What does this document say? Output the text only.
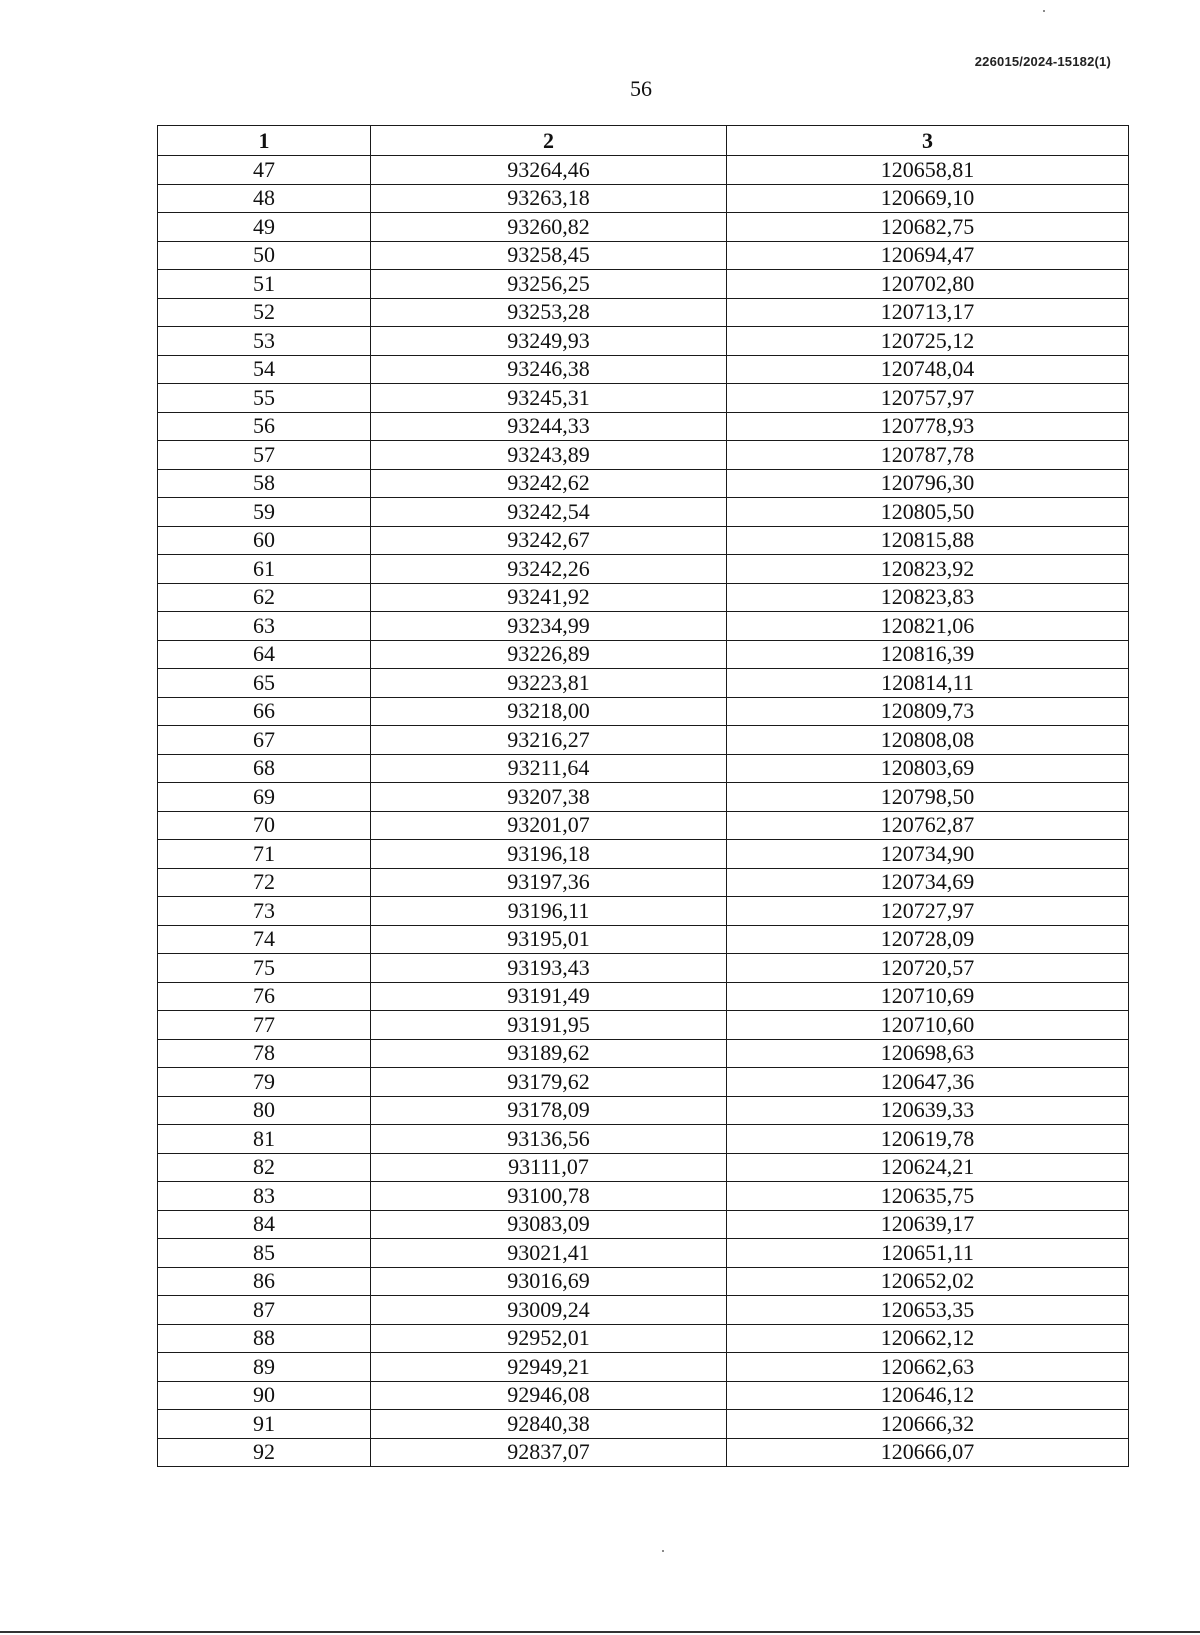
226015/2024-15182(1)
56
1	2	3
47	93264,46	120658,81
48	93263,18	120669,10
49	93260,82	120682,75
50	93258,45	120694,47
51	93256,25	120702,80
52	93253,28	120713,17
53	93249,93	120725,12
54	93246,38	120748,04
55	93245,31	120757,97
56	93244,33	120778,93
57	93243,89	120787,78
58	93242,62	120796,30
59	93242,54	120805,50
60	93242,67	120815,88
61	93242,26	120823,92
62	93241,92	120823,83
63	93234,99	120821,06
64	93226,89	120816,39
65	93223,81	120814,11
66	93218,00	120809,73
67	93216,27	120808,08
68	93211,64	120803,69
69	93207,38	120798,50
70	93201,07	120762,87
71	93196,18	120734,90
72	93197,36	120734,69
73	93196,11	120727,97
74	93195,01	120728,09
75	93193,43	120720,57
76	93191,49	120710,69
77	93191,95	120710,60
78	93189,62	120698,63
79	93179,62	120647,36
80	93178,09	120639,33
81	93136,56	120619,78
82	93111,07	120624,21
83	93100,78	120635,75
84	93083,09	120639,17
85	93021,41	120651,11
86	93016,69	120652,02
87	93009,24	120653,35
88	92952,01	120662,12
89	92949,21	120662,63
90	92946,08	120646,12
91	92840,38	120666,32
92	92837,07	120666,07
